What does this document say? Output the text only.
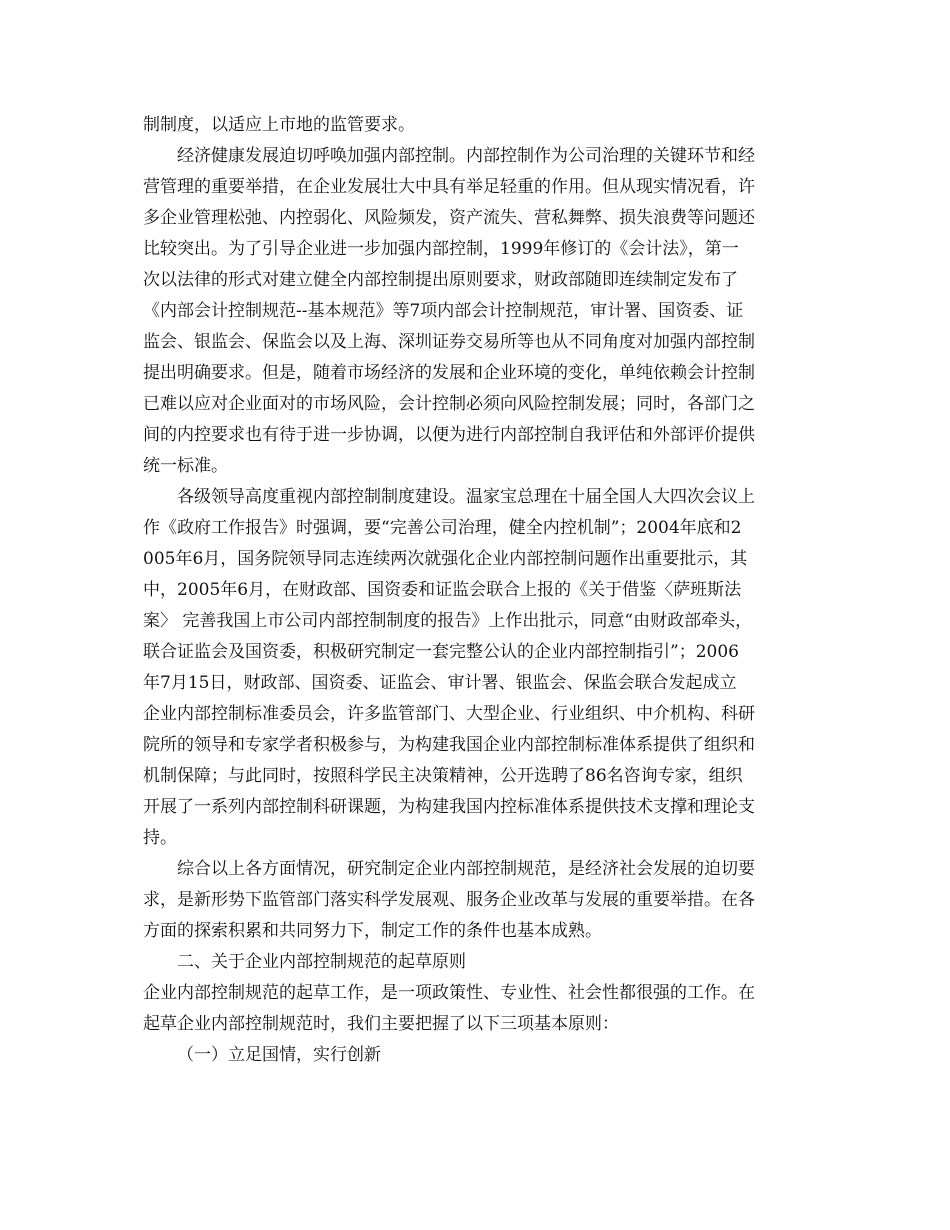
制制度，以适应上市地的监管要求。
经济健康发展迫切呼唤加强内部控制。内部控制作为公司治理的关键环节和经
营管理的重要举措，在企业发展壮大中具有举足轻重的作用。但从现实情况看，许
多企业管理松弛、内控弱化、风险频发，资产流失、营私舞弊、损失浪费等问题还
比较突出。为了引导企业进一步加强内部控制，1999年修订的《会计法》，第一
次以法律的形式对建立健全内部控制提出原则要求，财政部随即连续制定发布了
《内部会计控制规范--基本规范》等7项内部会计控制规范，审计署、国资委、证
监会、银监会、保监会以及上海、深圳证券交易所等也从不同角度对加强内部控制
提出明确要求。但是，随着市场经济的发展和企业环境的变化，单纯依赖会计控制
已难以应对企业面对的市场风险，会计控制必须向风险控制发展；同时，各部门之
间的内控要求也有待于进一步协调，以便为进行内部控制自我评估和外部评价提供
统一标准。
各级领导高度重视内部控制制度建设。温家宝总理在十届全国人大四次会议上
作《政府工作报告》时强调，要“完善公司治理，健全内控机制”；2004年底和2
005年6月，国务院领导同志连续两次就强化企业内部控制问题作出重要批示，其
中，2005年6月，在财政部、国资委和证监会联合上报的《关于借鉴〈萨班斯法
案〉 完善我国上市公司内部控制制度的报告》上作出批示，同意“由财政部牵头，
联合证监会及国资委，积极研究制定一套完整公认的企业内部控制指引”；2006
年7月15日，财政部、国资委、证监会、审计署、银监会、保监会联合发起成立
企业内部控制标准委员会，许多监管部门、大型企业、行业组织、中介机构、科研
院所的领导和专家学者积极参与，为构建我国企业内部控制标准体系提供了组织和
机制保障；与此同时，按照科学民主决策精神，公开选聘了86名咨询专家，组织
开展了一系列内部控制科研课题，为构建我国内控标准体系提供技术支撑和理论支
持。
综合以上各方面情况，研究制定企业内部控制规范，是经济社会发展的迫切要
求，是新形势下监管部门落实科学发展观、服务企业改革与发展的重要举措。在各
方面的探索积累和共同努力下，制定工作的条件也基本成熟。
二、关于企业内部控制规范的起草原则
企业内部控制规范的起草工作，是一项政策性、专业性、社会性都很强的工作。在
起草企业内部控制规范时，我们主要把握了以下三项基本原则：
（一）立足国情，实行创新
